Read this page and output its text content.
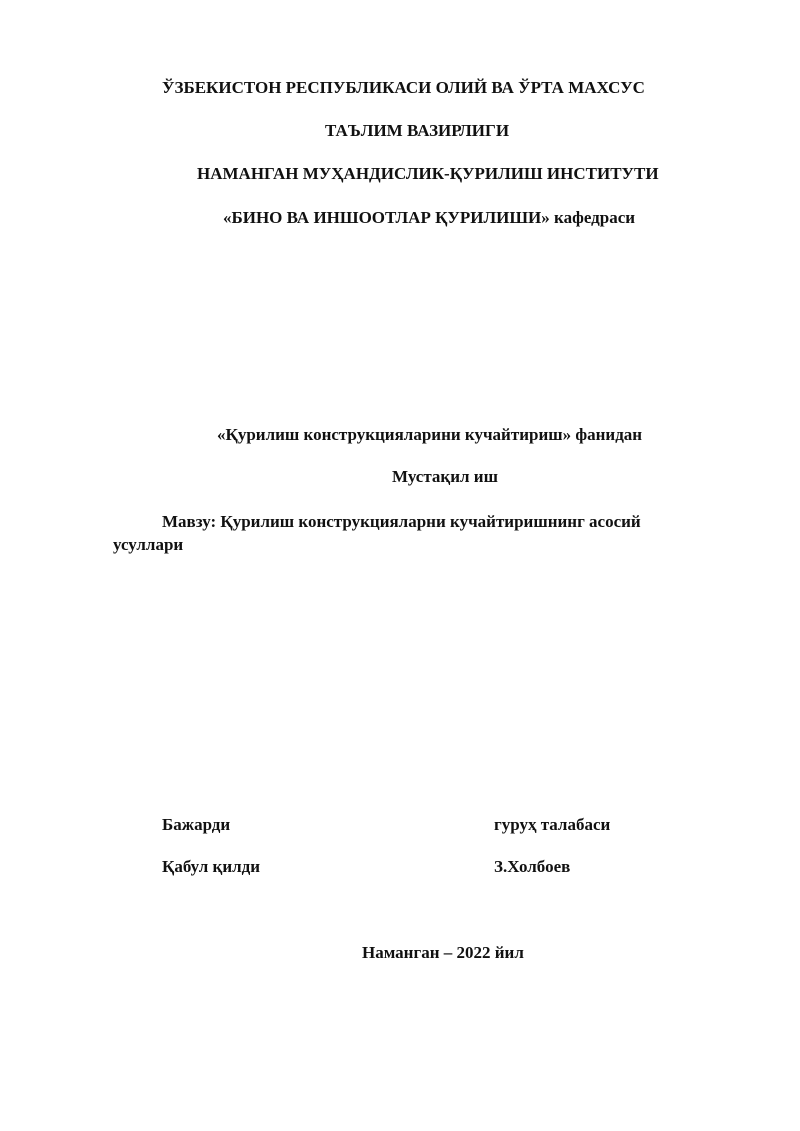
ЎЗБЕКИСТОН РЕСПУБЛИКАСИ ОЛИЙ ВА ЎРТА МАХСУС
ТАЪЛИМ ВАЗИРЛИГИ
НАМАНГАН МУҲАНДИСЛИК-ҚУРИЛИШ ИНСТИТУТИ
«БИНО ВА ИНШООТЛАР ҚУРИЛИШИ» кафедраси
«Қурилиш конструкцияларини кучайтириш» фанидан
Мустақил иш
Мавзу: Қурилиш конструкцияларни кучайтиришнинг асосий
усуллари
Бажарди	гуруҳ талабаси
Қабул қилди	З.Холбоев
Наманган – 2022 йил
